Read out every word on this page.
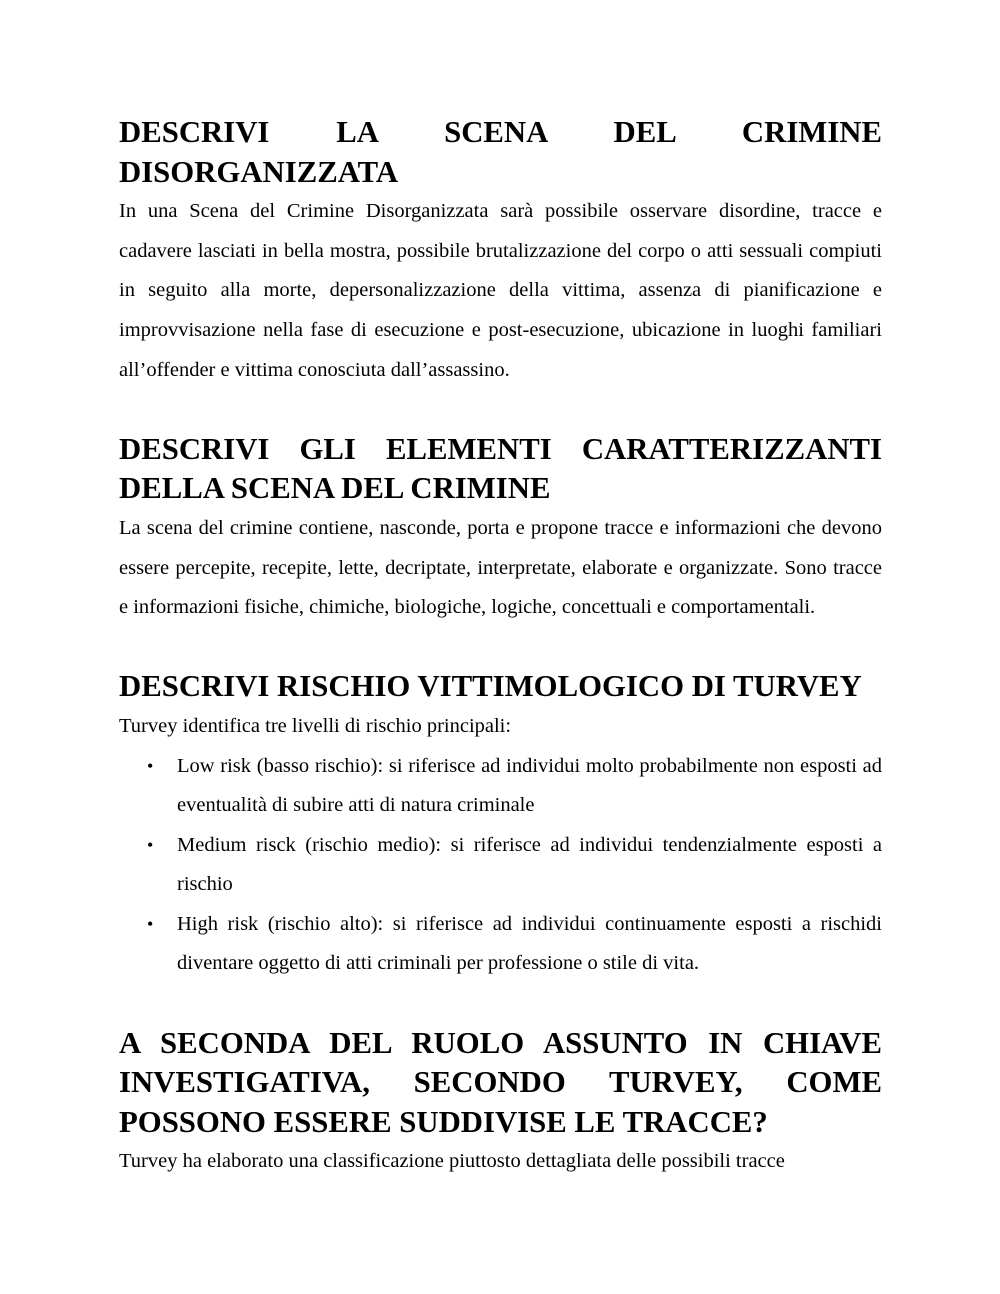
DESCRIVI LA SCENA DEL CRIMINE DISORGANIZZATA

In una Scena del Crimine Disorganizzata sarà possibile osservare disordine, tracce e cadavere lasciati in bella mostra, possibile brutalizzazione del corpo o atti sessuali compiuti in seguito alla morte, depersonalizzazione della vittima, assenza di pianificazione e improvvisazione nella fase di esecuzione e post-esecuzione, ubicazione in luoghi familiari all’offender e vittima conosciuta dall’assassino.

DESCRIVI GLI ELEMENTI CARATTERIZZANTI DELLA SCENA DEL CRIMINE

La scena del crimine contiene, nasconde, porta e propone tracce e informazioni che devono essere percepite, recepite, lette, decriptate, interpretate, elaborate e organizzate. Sono tracce e informazioni fisiche, chimiche, biologiche, logiche, concettuali e comportamentali.

DESCRIVI RISCHIO VITTIMOLOGICO DI TURVEY

Turvey identifica tre livelli di rischio principali:

• Low risk (basso rischio): si riferisce ad individui molto probabilmente non esposti ad eventualità di subire atti di natura criminale
• Medium risck (rischio medio): si riferisce ad individui tendenzialmente esposti a rischio
• High risk (rischio alto): si riferisce ad individui continuamente esposti a rischidi diventare oggetto di atti criminali per professione o stile di vita.
A SECONDA DEL RUOLO ASSUNTO IN CHIAVE INVESTIGATIVA, SECONDO TURVEY, COME POSSONO ESSERE SUDDIVISE LE TRACCE?

Turvey ha elaborato una classificazione piuttosto dettagliata delle possibili tracce
